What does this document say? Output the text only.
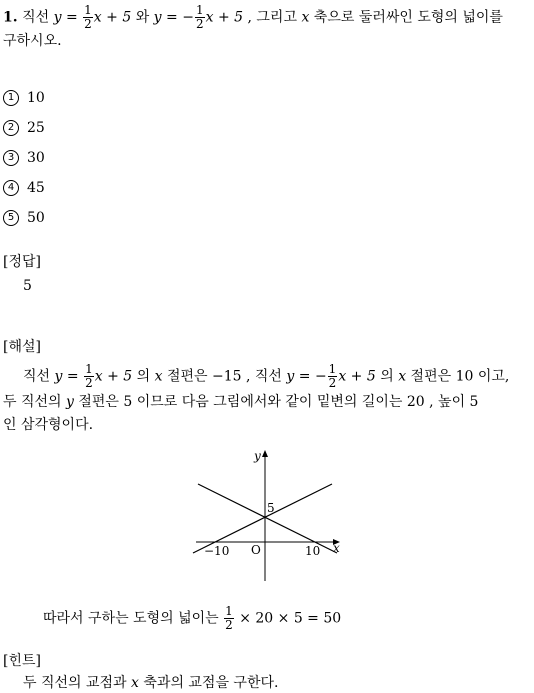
1. 직선 $y = \frac{1}{2}$ x + 5 와 y = − $\frac{1}{2}$ x + 5 , 그리고 x 축으로 둘러싸인 도형의 넓이를
구하시오.
1 10
2 25
3 30
4 45
5 50
[정답]
5
[해설]
직선 $y = \frac{1}{2}$ x + 5 의 x 절편은 −15 , 직선 y = − $\frac{1}{2}$ x + 5 의 x 절편은 10 이고,
두 직선의 y 절편은 5 이므로 다음 그림에서와 같이 밑변의 길이는 20 , 높이 5
인 삼각형이다.
y
x
5
O
−10	10
따라서 구하는 도형의 넓이는 $\frac{1}{2} \times 20 \times 5 = 50$
[힌트]
두 직선의 교점과 x 축과의 교점을 구한다.
